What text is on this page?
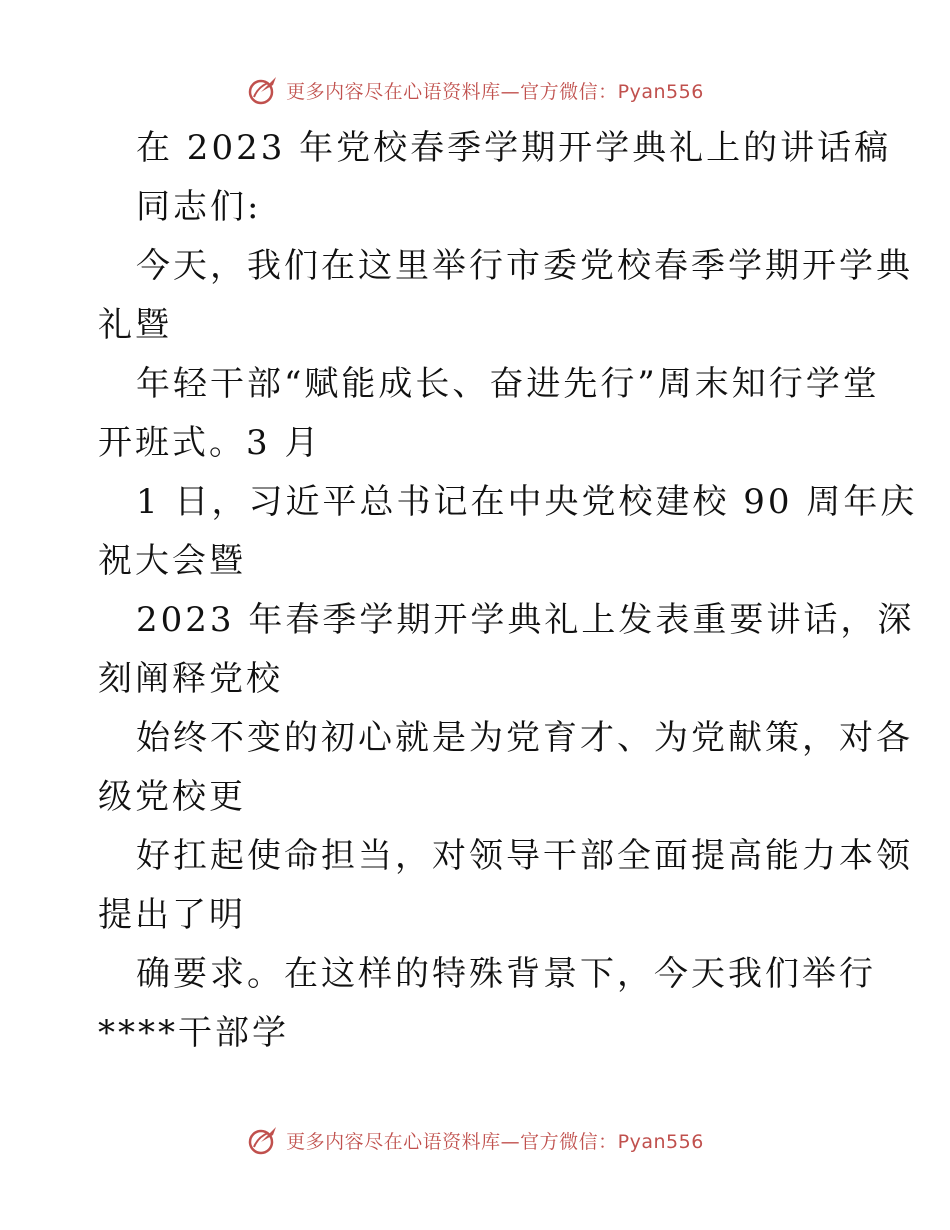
更多内容尽在心语资料库—官方微信：Pyan556
在 2023 年党校春季学期开学典礼上的讲话稿
同志们:
今天，我们在这里举行市委党校春季学期开学典
礼暨
年轻干部“赋能成长、奋进先行”周末知行学堂
开班式。3 月
1 日，习近平总书记在中央党校建校 90 周年庆
祝大会暨
2023 年春季学期开学典礼上发表重要讲话，深
刻阐释党校
始终不变的初心就是为党育才、为党献策，对各
级党校更
好扛起使命担当，对领导干部全面提高能力本领
提出了明
确要求。在这样的特殊背景下，今天我们举行
****干部学
更多内容尽在心语资料库—官方微信：Pyan556
